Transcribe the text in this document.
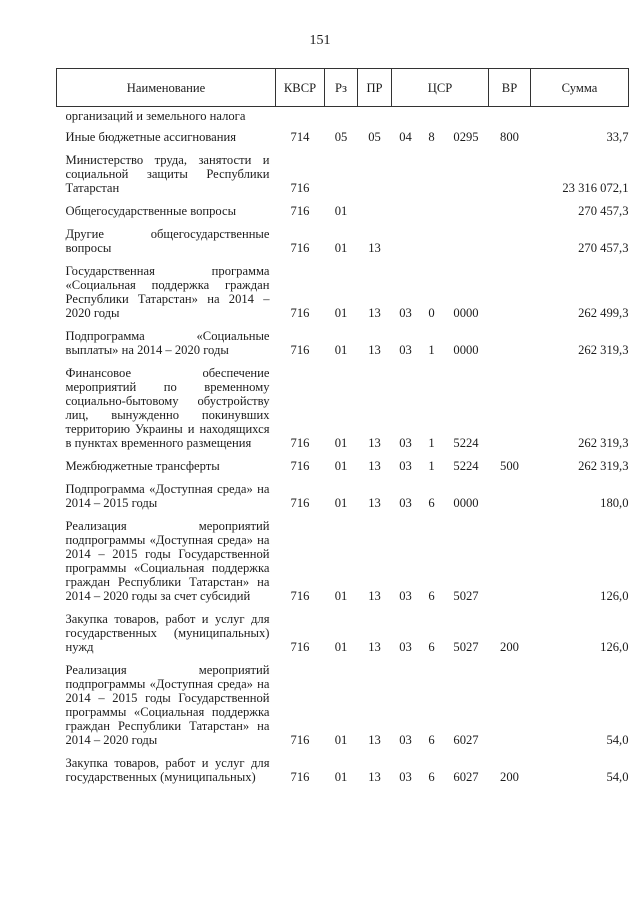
151
Наименование	КВСР	Рз	ПР	ЦСР			ВР	Сумма
организаций и земельного налога								
Иные бюджетные ассигнования	714	05	05	04	8	0295	800	33,7
Министерство труда, занятости и социальной защиты Республики Татарстан	716							23 316 072,1
Общегосударственные вопросы	716	01						270 457,3
Другие общегосударственные вопросы	716	01	13					270 457,3
Государственная программа «Социальная поддержка граждан Республики Татарстан» на 2014 – 2020 годы	716	01	13	03	0	0000		262 499,3
Подпрограмма «Социальные выплаты» на 2014 – 2020 годы	716	01	13	03	1	0000		262 319,3
Финансовое обеспечение мероприятий по временному социально-бытовому обустройству лиц, вынужденно покинувших территорию Украины и находящихся в пунктах временного размещения	716	01	13	03	1	5224		262 319,3
Межбюджетные трансферты	716	01	13	03	1	5224	500	262 319,3
Подпрограмма «Доступная среда» на 2014 – 2015 годы	716	01	13	03	6	0000		180,0
Реализация мероприятий подпрограммы «Доступная среда» на 2014 – 2015 годы Государственной программы «Социальная поддержка граждан Республики Татарстан» на 2014 – 2020 годы за счет субсидий	716	01	13	03	6	5027		126,0
Закупка товаров, работ и услуг для государственных (муниципальных) нужд	716	01	13	03	6	5027	200	126,0
Реализация мероприятий подпрограммы «Доступная среда» на 2014 – 2015 годы Государственной программы «Социальная поддержка граждан Республики Татарстан» на 2014 – 2020 годы	716	01	13	03	6	6027		54,0
Закупка товаров, работ и услуг для государственных (муниципальных)	716	01	13	03	6	6027	200	54,0
